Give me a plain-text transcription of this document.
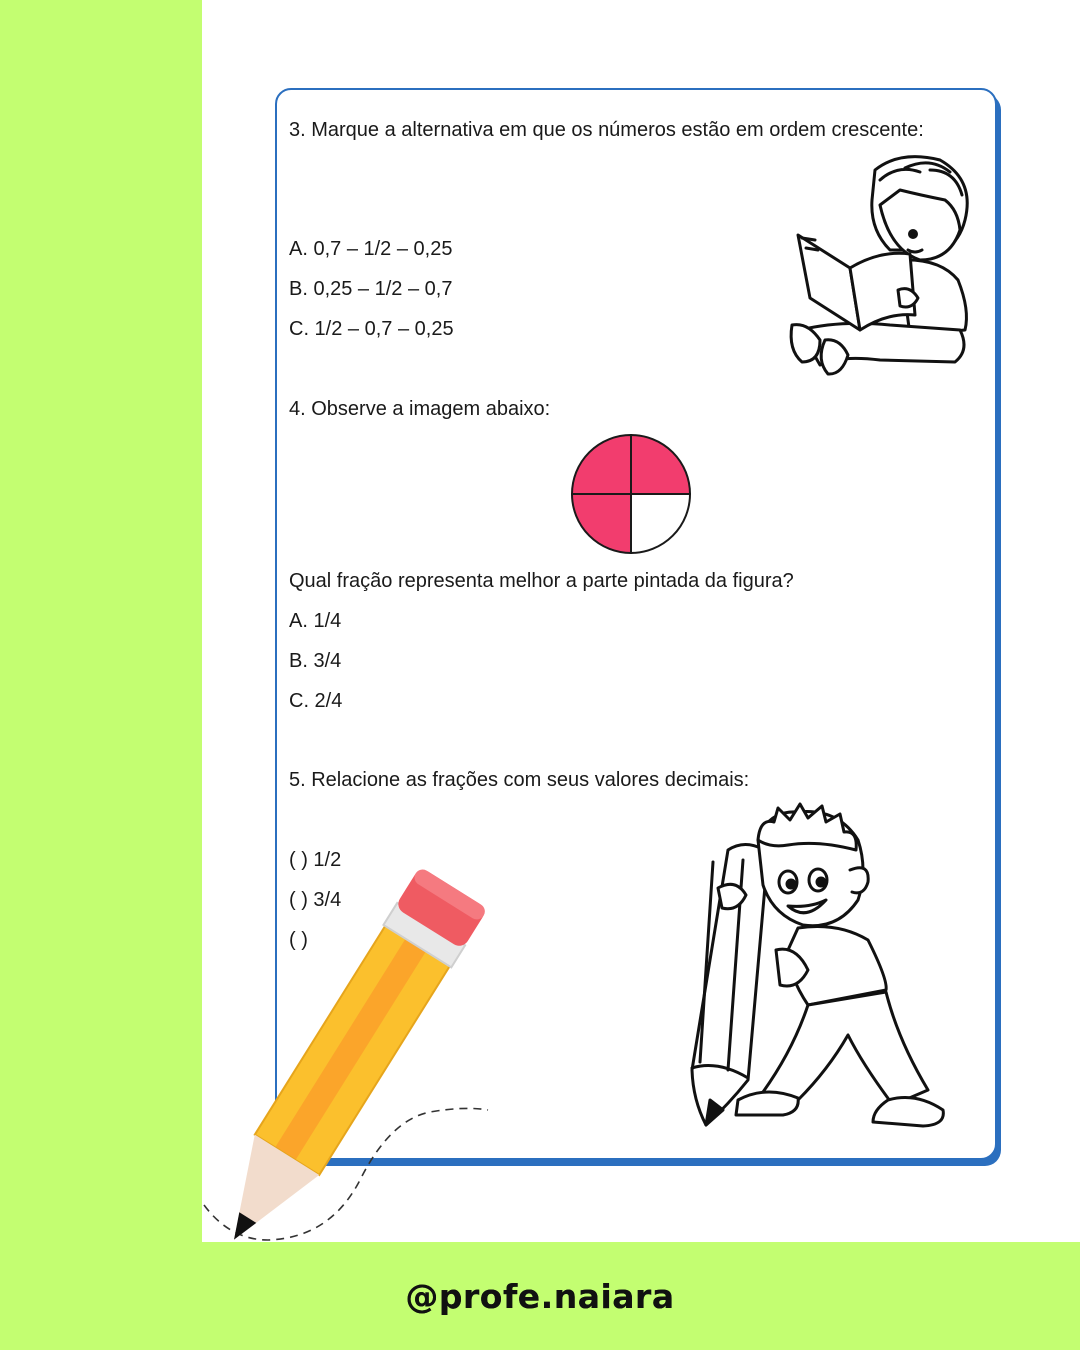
3. Marque a alternativa em que os números estão em ordem crescente:

A. 0,7 – 1/2 – 0,25
B. 0,25 – 1/2 – 0,7
C. 1/2 – 0,7 – 0,25
4. Observe a imagem abaixo:
Qual fração representa melhor a parte pintada da figura?
A. 1/4
B. 3/4
C. 2/4
5. Relacione as frações com seus valores decimais:
( ) 1/2
( ) 3/4
( )
@profe.naiara
